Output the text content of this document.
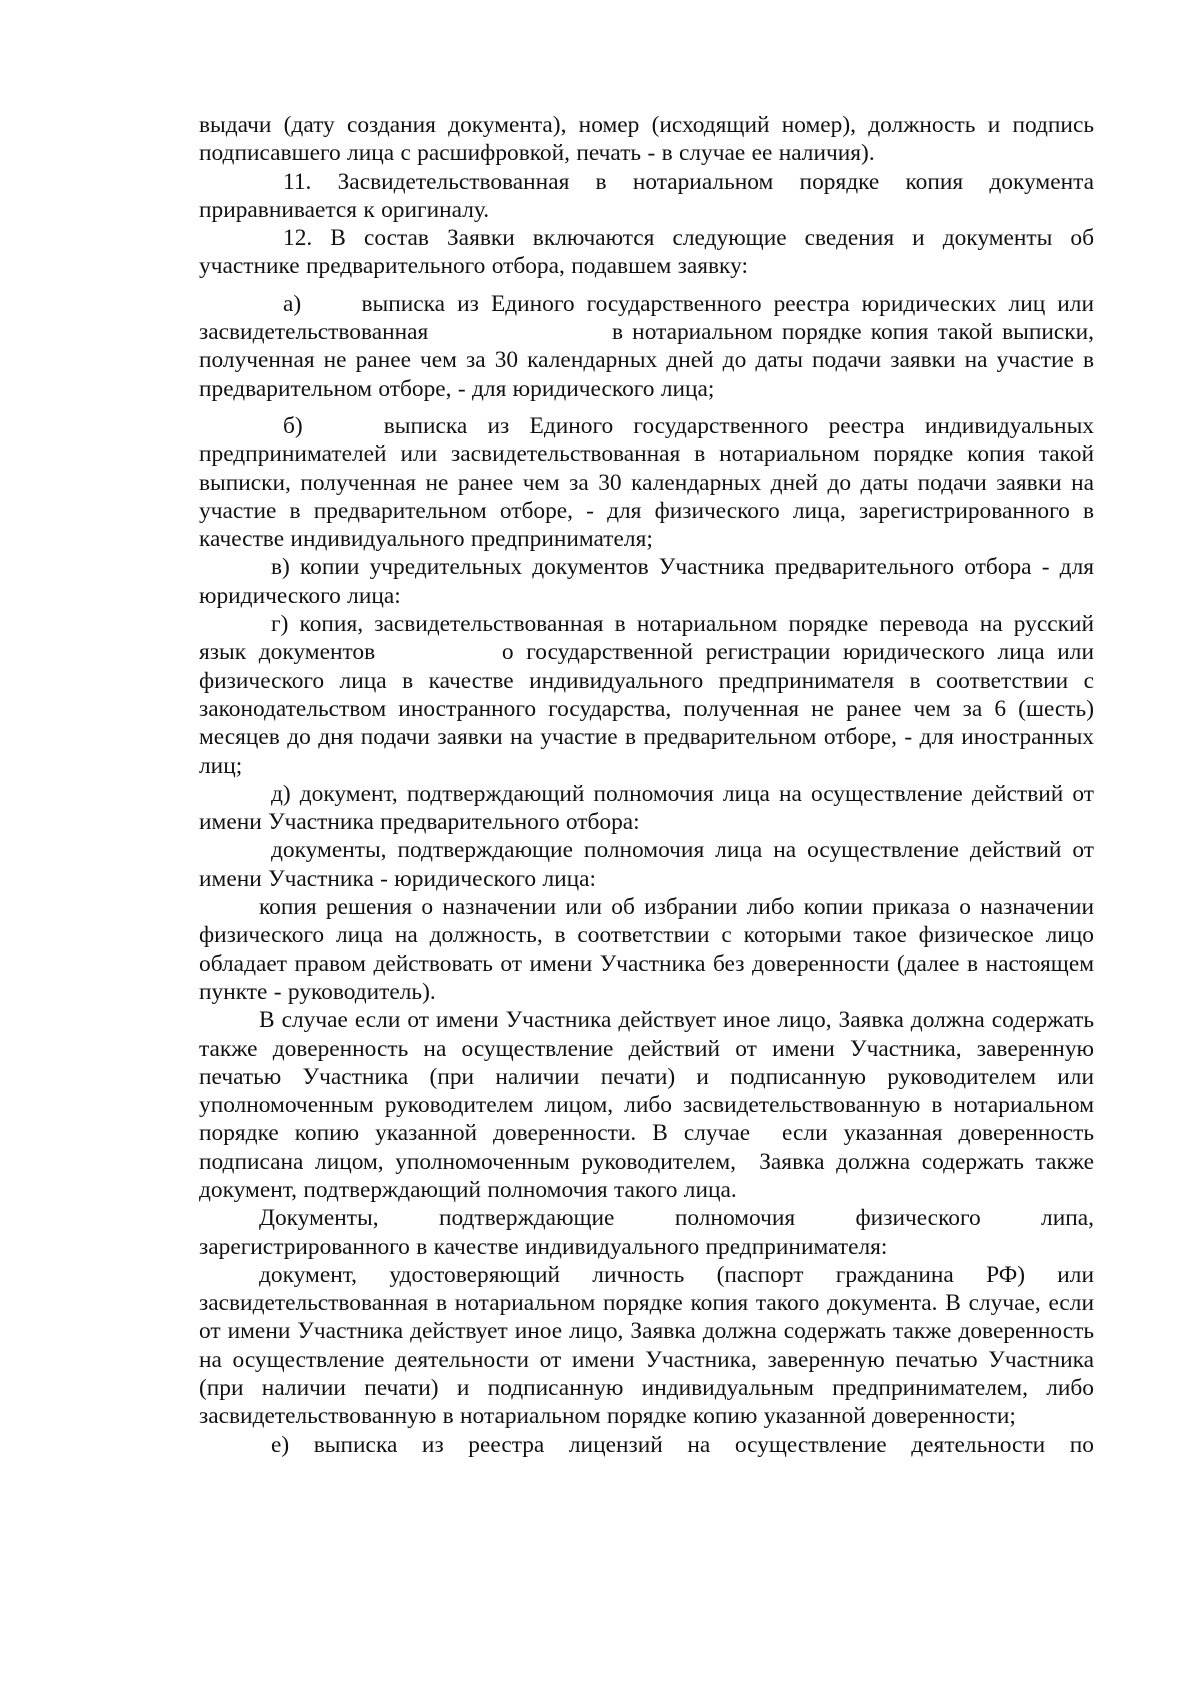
выдачи (дату создания документа), номер (исходящий номер), должность и подпись подписавшего лица с расшифровкой, печать - в случае ее наличия).

11. Засвидетельствованная в нотариальном порядке копия документа приравнивается к оригиналу.

12. В состав Заявки включаются следующие сведения и документы об участнике предварительного отбора, подавшем заявку:

а)     выписка из Единого государственного реестра юридических лиц или засвидетельствованная                    в нотариальном порядке копия такой выписки, полученная не ранее чем за 30 календарных дней до даты подачи заявки на участие в предварительном отборе, - для юридического лица;

б)    выписка из Единого государственного реестра индивидуальных предпринимателей или засвидетельствованная в нотариальном порядке копия такой выписки, полученная не ранее чем за 30 календарных дней до даты подачи заявки на участие в предварительном отборе, - для физического лица, зарегистрированного в качестве индивидуального предпринимателя;

в) копии учредительных документов Участника предварительного отбора - для юридического лица:

г) копия, засвидетельствованная в нотариальном порядке перевода на русский язык документов          о государственной регистрации юридического лица или физического лица в качестве индивидуального предпринимателя в соответствии с законодательством иностранного государства, полученная не ранее чем за 6 (шесть) месяцев до дня подачи заявки на участие в предварительном отборе, - для иностранных лиц;

д) документ, подтверждающий полномочия лица на осуществление действий от имени Участника предварительного отбора:

документы, подтверждающие полномочия лица на осуществление действий от имени Участника - юридического лица:

копия решения о назначении или об избрании либо копии приказа о назначении физического лица на должность, в соответствии с которыми такое физическое лицо обладает правом действовать от имени Участника без доверенности (далее в настоящем пункте - руководитель).

В случае если от имени Участника действует иное лицо, Заявка должна содержать также доверенность на осуществление действий от имени Участника, заверенную печатью Участника (при наличии печати) и подписанную руководителем или уполномоченным руководителем лицом, либо засвидетельствованную в нотариальном порядке копию указанной доверенности. В случае  если указанная доверенность подписана лицом, уполномоченным руководителем,  Заявка должна содержать также документ, подтверждающий полномочия такого лица.

Документы, подтверждающие полномочия физического липа, зарегистрированного в качестве индивидуального предпринимателя:

документ, удостоверяющий личность (паспорт гражданина РФ) или засвидетельствованная в нотариальном порядке копия такого документа. В случае, если от имени Участника действует иное лицо, Заявка должна содержать также доверенность на осуществление деятельности от имени Участника, заверенную печатью Участника (при наличии печати) и подписанную индивидуальным предпринимателем, либо засвидетельствованную в нотариальном порядке копию указанной доверенности;

е) выписка из реестра лицензий на осуществление деятельности по
